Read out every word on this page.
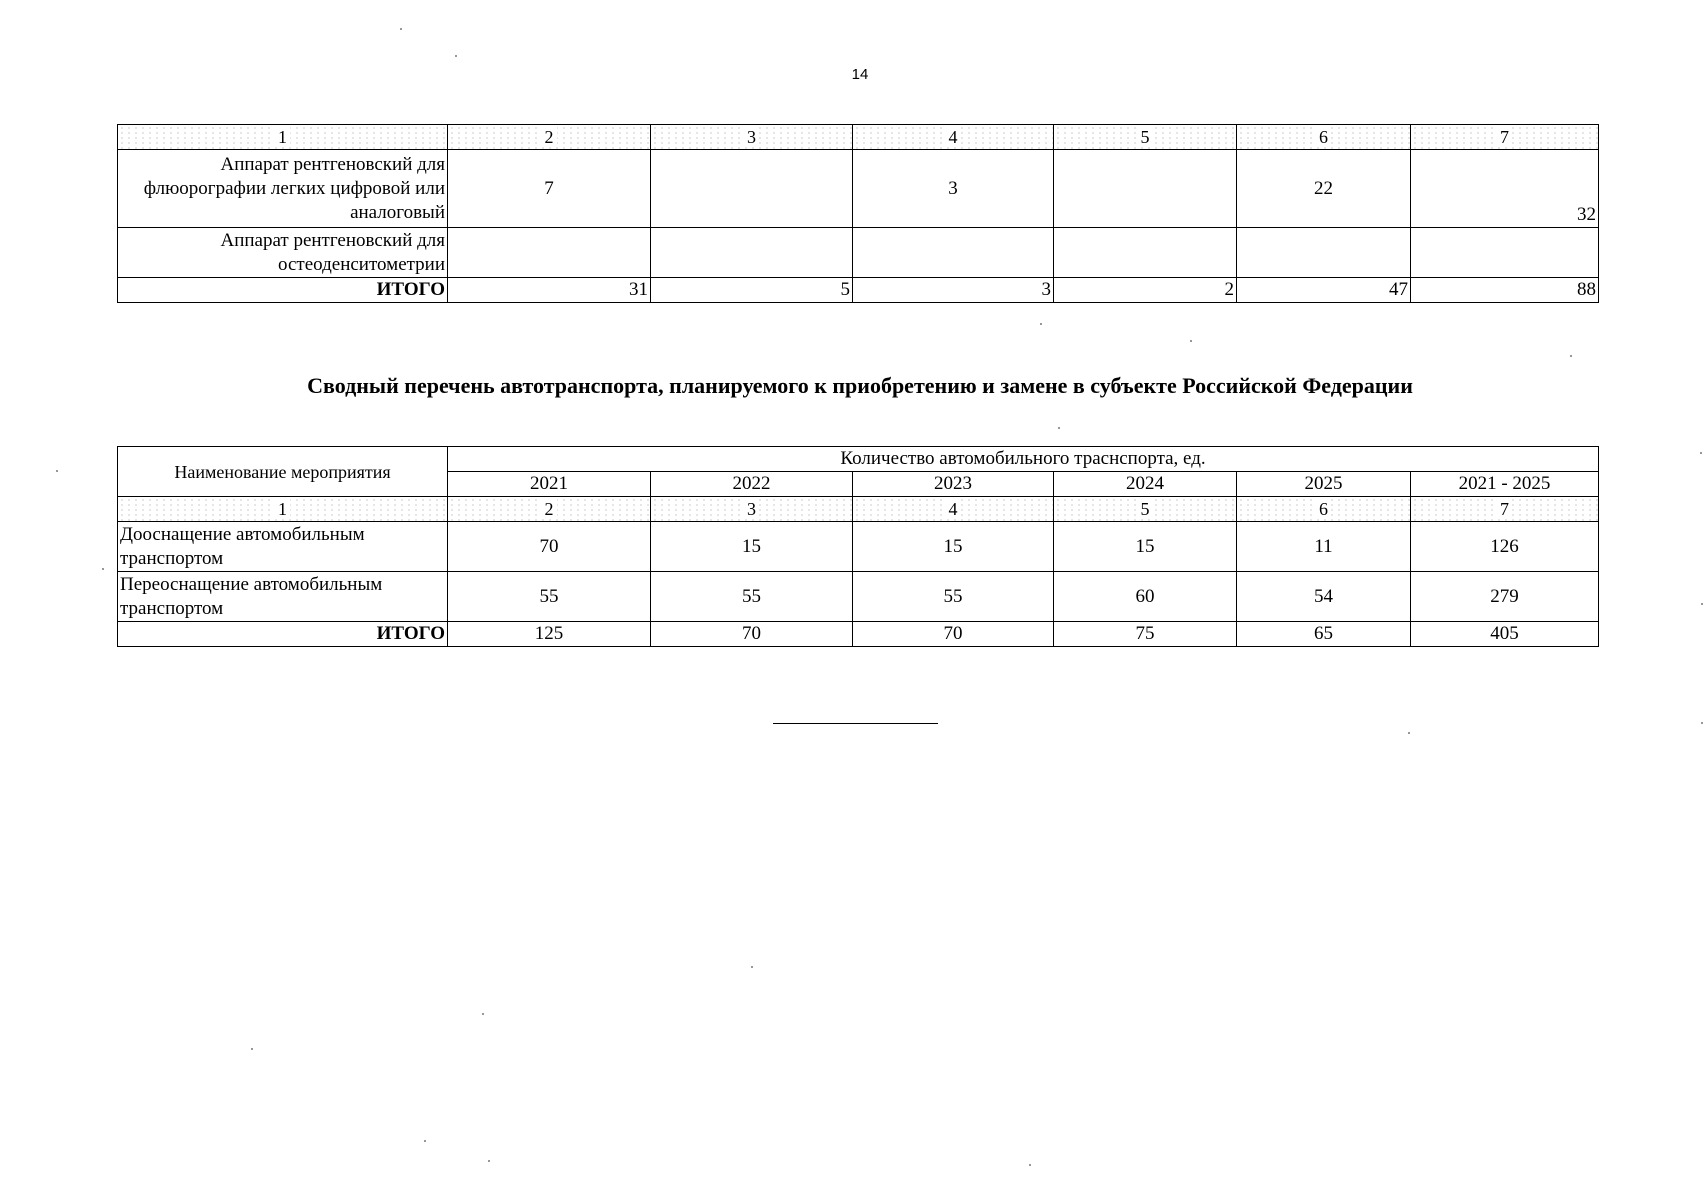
14
1	2	3	4	5	6	7
Аппарат рентгеновский для флюорографии легких цифровой или аналоговый	7		3		22	32
Аппарат рентгеновский для остеоденситометрии						
ИТОГО	31	5	3	2	47	88
Сводный перечень автотранспорта, планируемого к приобретению и замене в субъекте Российской Федерации
Наименование мероприятия	Количество автомобильного траснспорта, ед.					
	2021	2022	2023	2024	2025	2021 - 2025
1	2	3	4	5	6	7
Дооснащение автомобильным транспортом	70	15	15	15	11	126
Переоснащение автомобильным транспортом	55	55	55	60	54	279
ИТОГО	125	70	70	75	65	405
